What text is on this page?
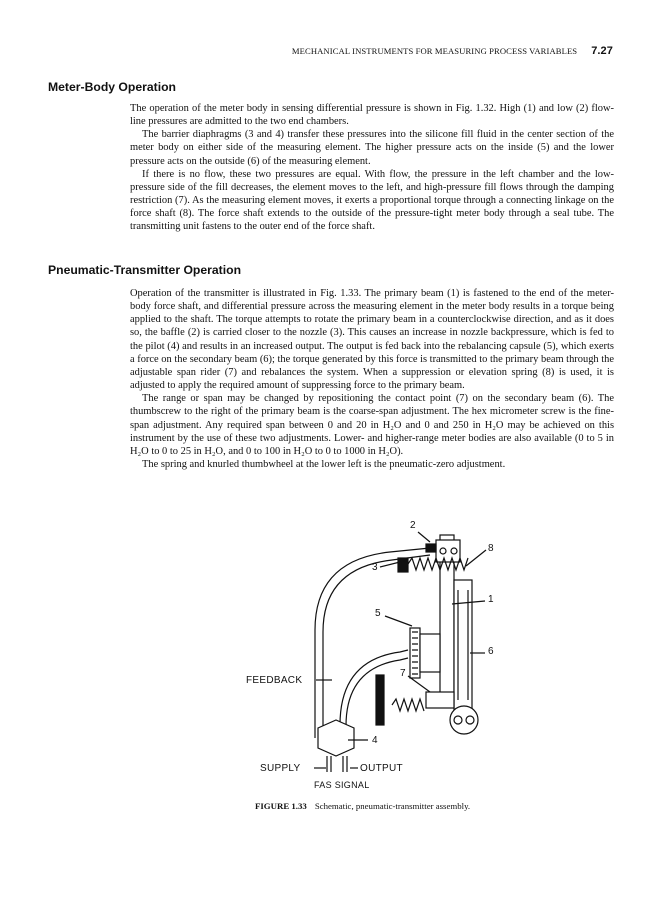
MECHANICAL INSTRUMENTS FOR MEASURING PROCESS VARIABLES 7.27
Meter-Body Operation

The operation of the meter body in sensing differential pressure is shown in Fig. 1.32. High (1) and low (2) flow-line pressures are admitted to the two end chambers.

The barrier diaphragms (3 and 4) transfer these pressures into the silicone fill fluid in the center section of the meter body on either side of the measuring element. The higher pressure acts on the inside (5) and the lower pressure acts on the outside (6) of the measuring element.

If there is no flow, these two pressures are equal. With flow, the pressure in the left chamber and the low-pressure side of the fill decreases, the element moves to the left, and high-pressure fill flows through the damping restriction (7). As the measuring element moves, it exerts a proportional torque through a connecting linkage on the force shaft (8). The force shaft extends to the outside of the pressure-tight meter body through a seal tube. The transmitting unit fastens to the outer end of the force shaft.

Pneumatic-Transmitter Operation

Operation of the transmitter is illustrated in Fig. 1.33. The primary beam (1) is fastened to the end of the meter-body force shaft, and differential pressure across the measuring element in the meter body results in a torque being applied to the shaft. The torque attempts to rotate the primary beam in a counterclockwise direction, and as it does so, the baffle (2) is carried closer to the nozzle (3). This causes an increase in nozzle backpressure, which is fed to the pilot (4) and results in an increased output. The output is fed back into the rebalancing capsule (5), which exerts a force on the secondary beam (6); the torque generated by this force is transmitted to the primary beam through the adjustable span rider (7) and rebalances the system. When a suppression or elevation spring (8) is used, it is adjusted to apply the required amount of suppressing force to the primary beam.

The range or span may be changed by repositioning the contact point (7) on the secondary beam (6). The thumbscrew to the right of the primary beam is the coarse-span adjustment. The hex micrometer screw is the fine-span adjustment. Any required span between 0 and 20 in H₂O and 0 and 250 in H₂O may be achieved on this instrument by the use of these two adjustments. Lower- and higher-range meter bodies are also available (0 to 5 in H₂O to 0 to 25 in H₂O, and 0 to 100 in H₂O to 0 to 1000 in H₂O).

The spring and knurled thumbwheel at the lower left is the pneumatic-zero adjustment.

2
8
3
1
5
6
7
4
FEEDBACK
SUPPLY	OUTPUT
FAS SIGNAL
FIGURE 1.33 Schematic, pneumatic-transmitter assembly.
